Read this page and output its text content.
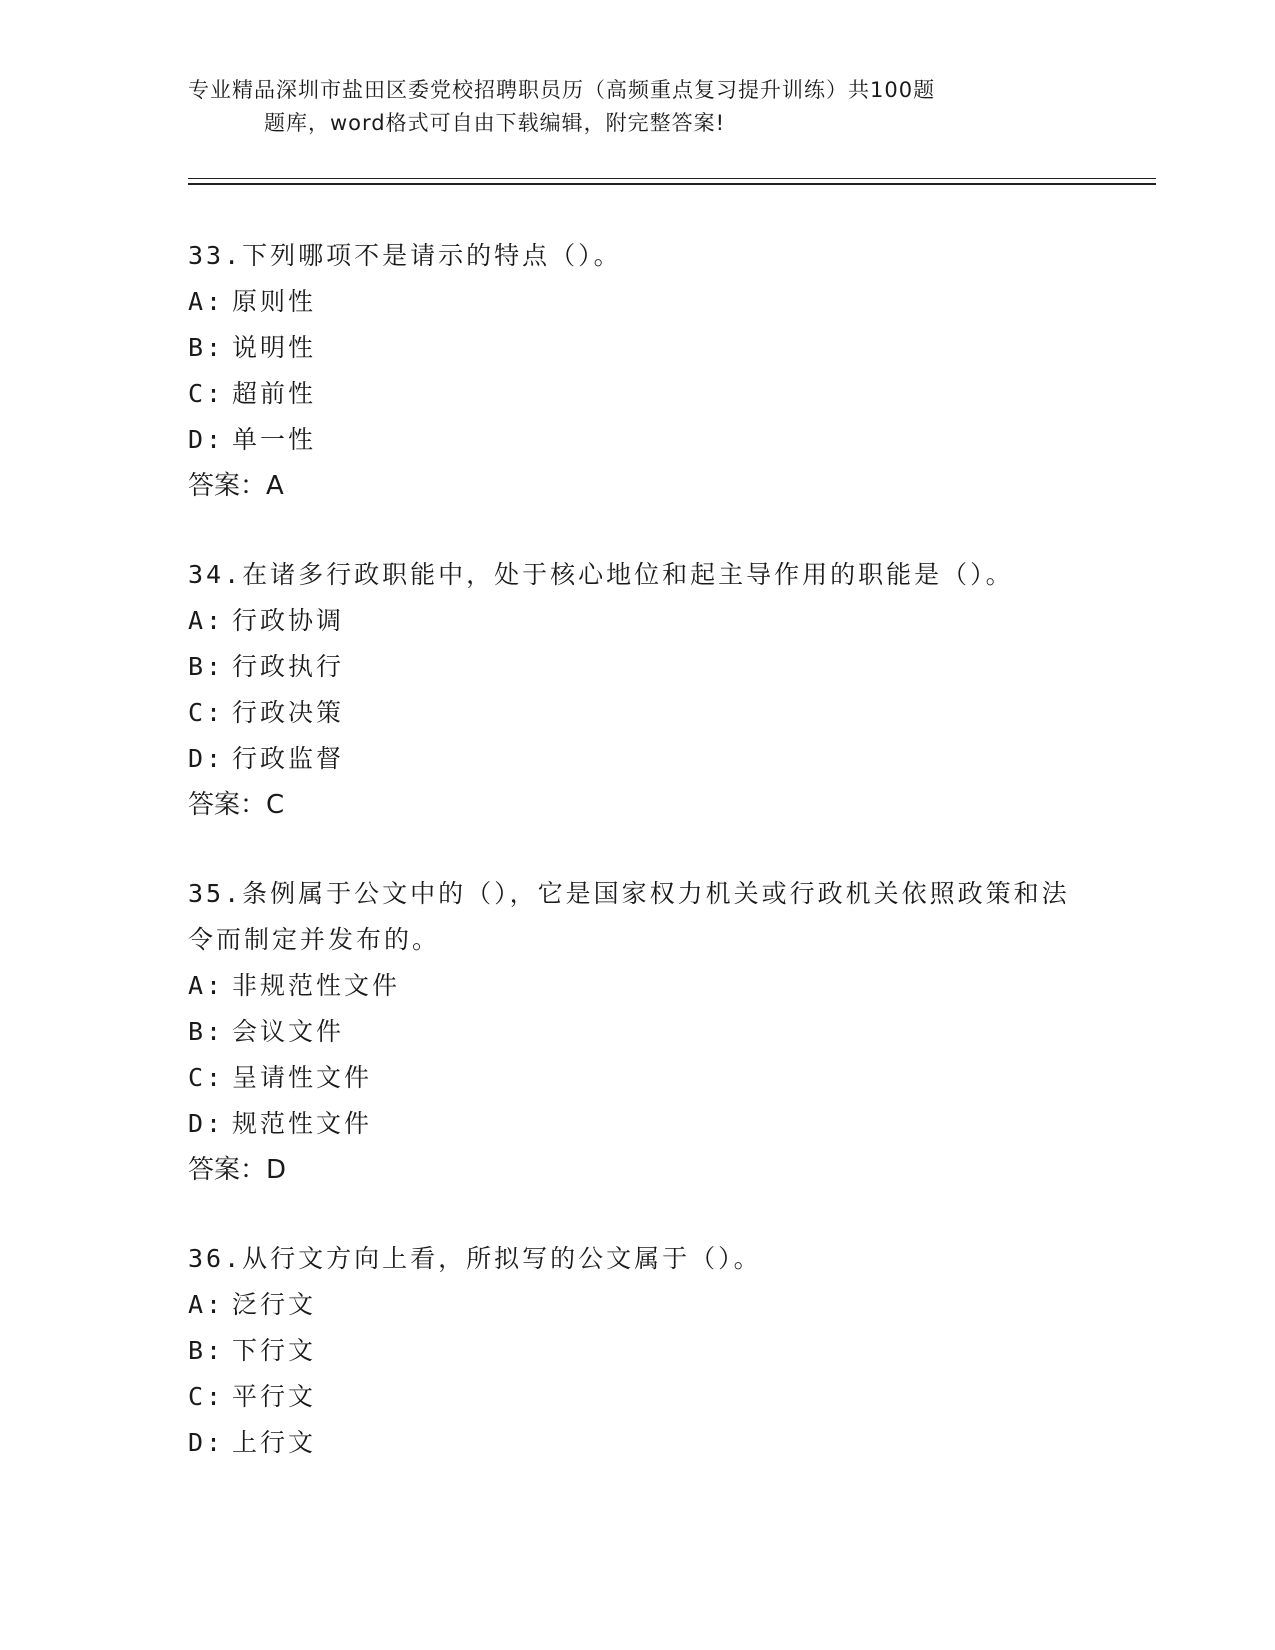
专业精品深圳市盐田区委党校招聘职员历（高频重点复习提升训练）共100题
题库，word格式可自由下载编辑，附完整答案!

33.下列哪项不是请示的特点（）。

A: 原则性
B: 说明性
C: 超前性
D: 单一性
答案：A

34.在诸多行政职能中，处于核心地位和起主导作用的职能是（）。

A: 行政协调
B: 行政执行
C: 行政决策
D: 行政监督
答案：C

35.条例属于公文中的（），它是国家权力机关或行政机关依照政策和法令而制定并发布的。

A: 非规范性文件
B: 会议文件
C: 呈请性文件
D: 规范性文件
答案：D

36.从行文方向上看，所拟写的公文属于（）。

A: 泛行文
B: 下行文
C: 平行文
D: 上行文
